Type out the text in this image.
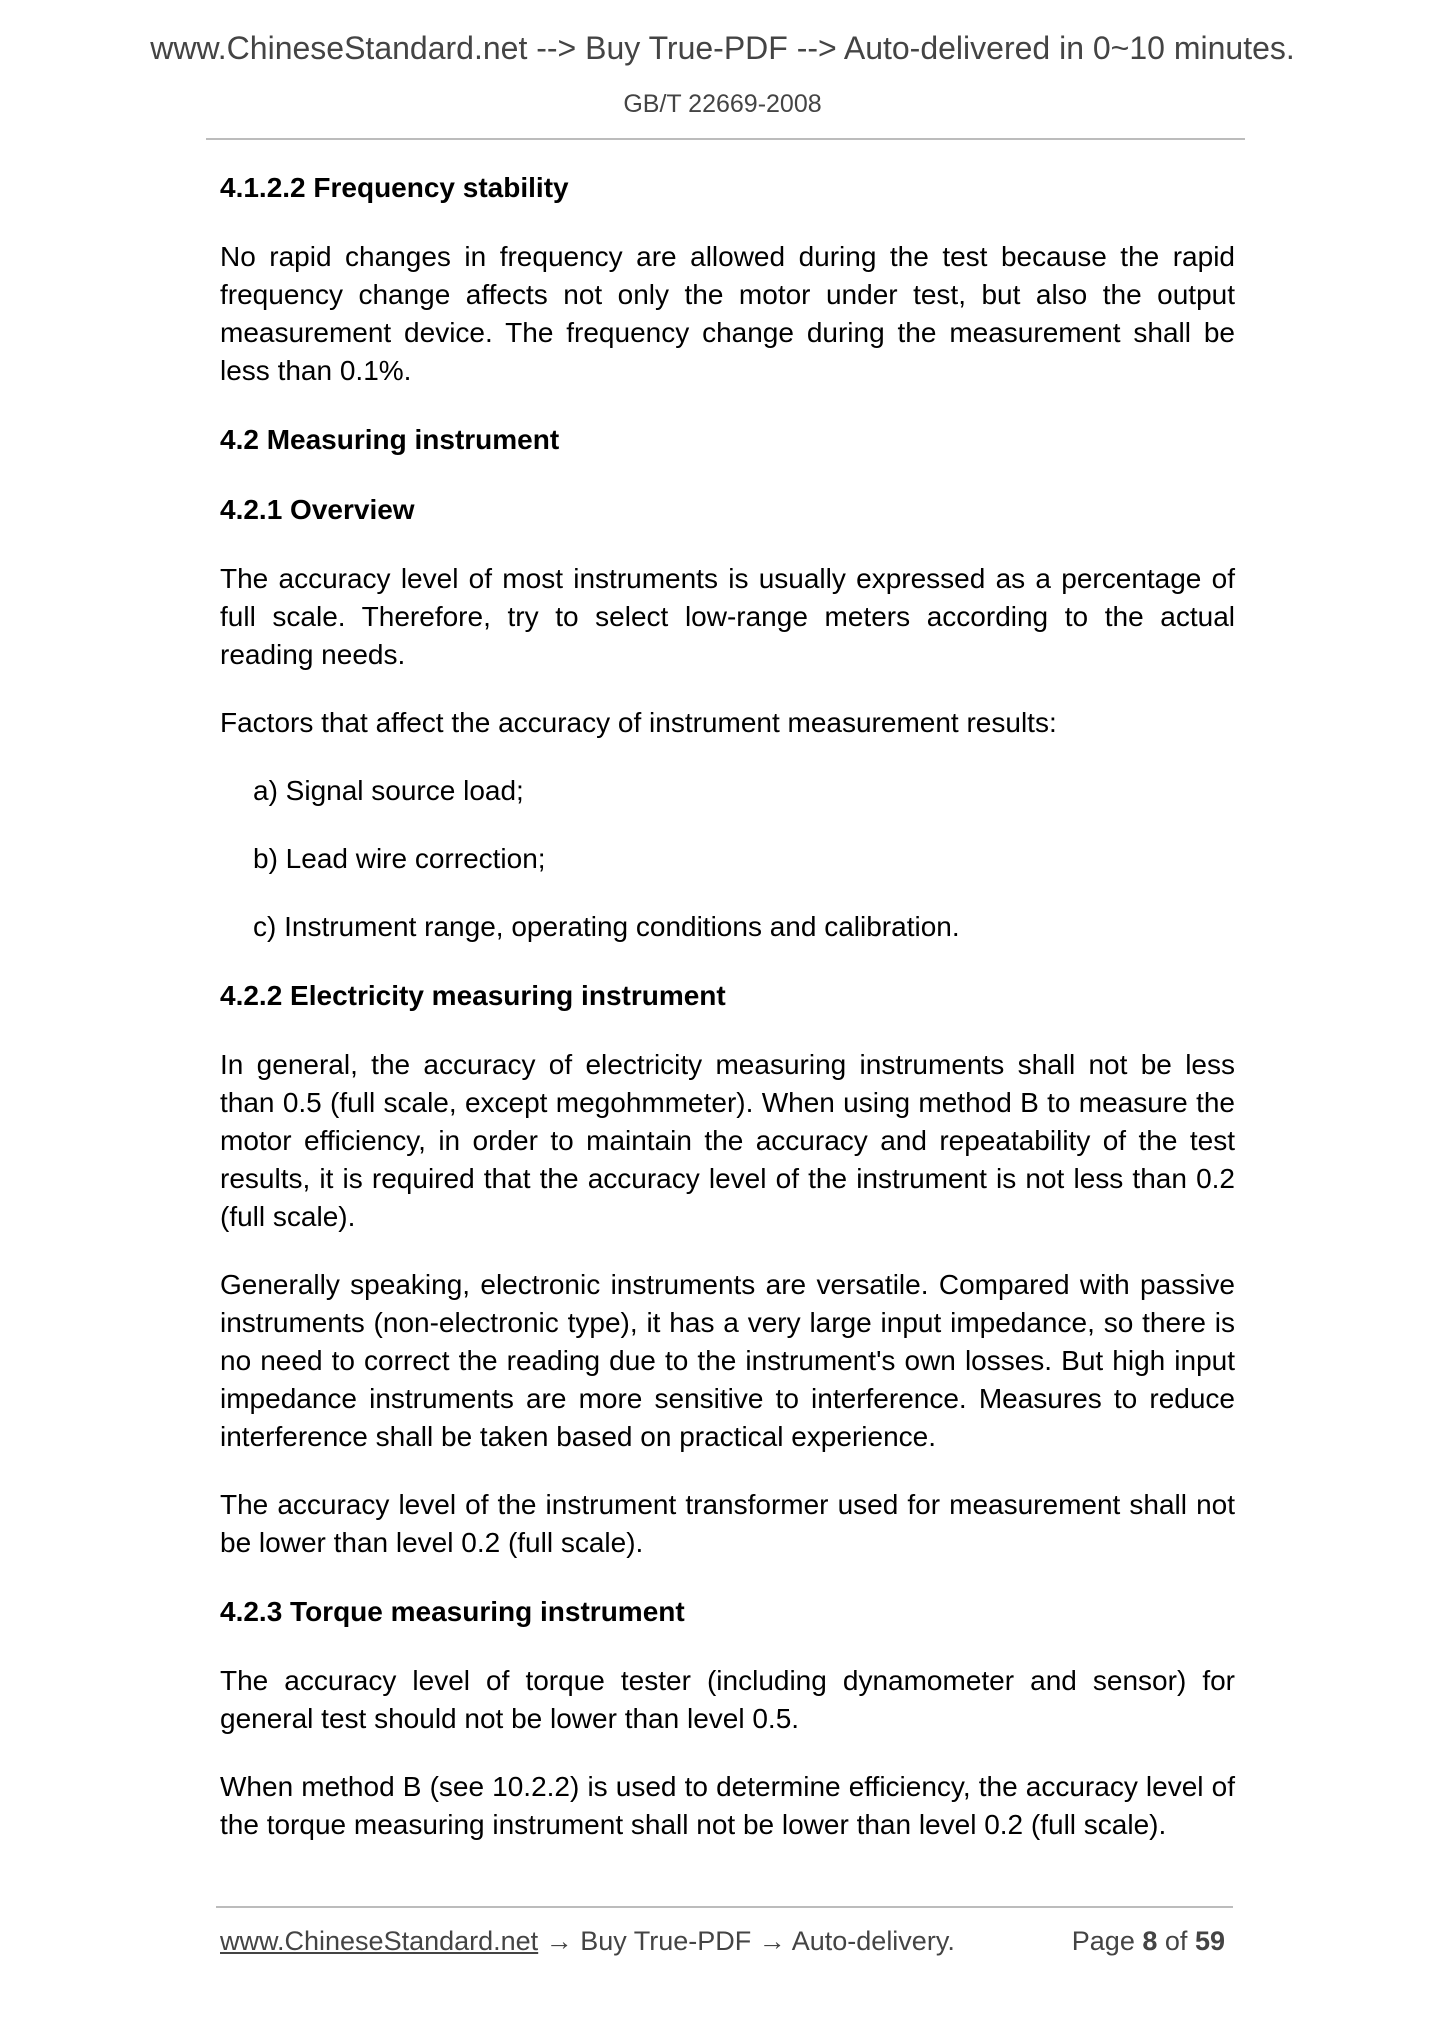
www.ChineseStandard.net --> Buy True-PDF --> Auto-delivered in 0~10 minutes.
GB/T 22669-2008
4.1.2.2 Frequency stability

No rapid changes in frequency are allowed during the test because the rapid frequency change affects not only the motor under test, but also the output measurement device. The frequency change during the measurement shall be less than 0.1%.

4.2 Measuring instrument
4.2.1 Overview

The accuracy level of most instruments is usually expressed as a percentage of full scale. Therefore, try to select low-range meters according to the actual reading needs.

Factors that affect the accuracy of instrument measurement results:

a) Signal source load;

b) Lead wire correction;

c) Instrument range, operating conditions and calibration.

4.2.2 Electricity measuring instrument

In general, the accuracy of electricity measuring instruments shall not be less than 0.5 (full scale, except megohmmeter). When using method B to measure the motor efficiency, in order to maintain the accuracy and repeatability of the test results, it is required that the accuracy level of the instrument is not less than 0.2 (full scale).

Generally speaking, electronic instruments are versatile. Compared with passive instruments (non-electronic type), it has a very large input impedance, so there is no need to correct the reading due to the instrument's own losses. But high input impedance instruments are more sensitive to interference. Measures to reduce interference shall be taken based on practical experience.

The accuracy level of the instrument transformer used for measurement shall not be lower than level 0.2 (full scale).

4.2.3 Torque measuring instrument

The accuracy level of torque tester (including dynamometer and sensor) for general test should not be lower than level 0.5.

When method B (see 10.2.2) is used to determine efficiency, the accuracy level of the torque measuring instrument shall not be lower than level 0.2 (full scale).

www.ChineseStandard.net → Buy True-PDF → Auto-delivery.	Page 8 of 59
